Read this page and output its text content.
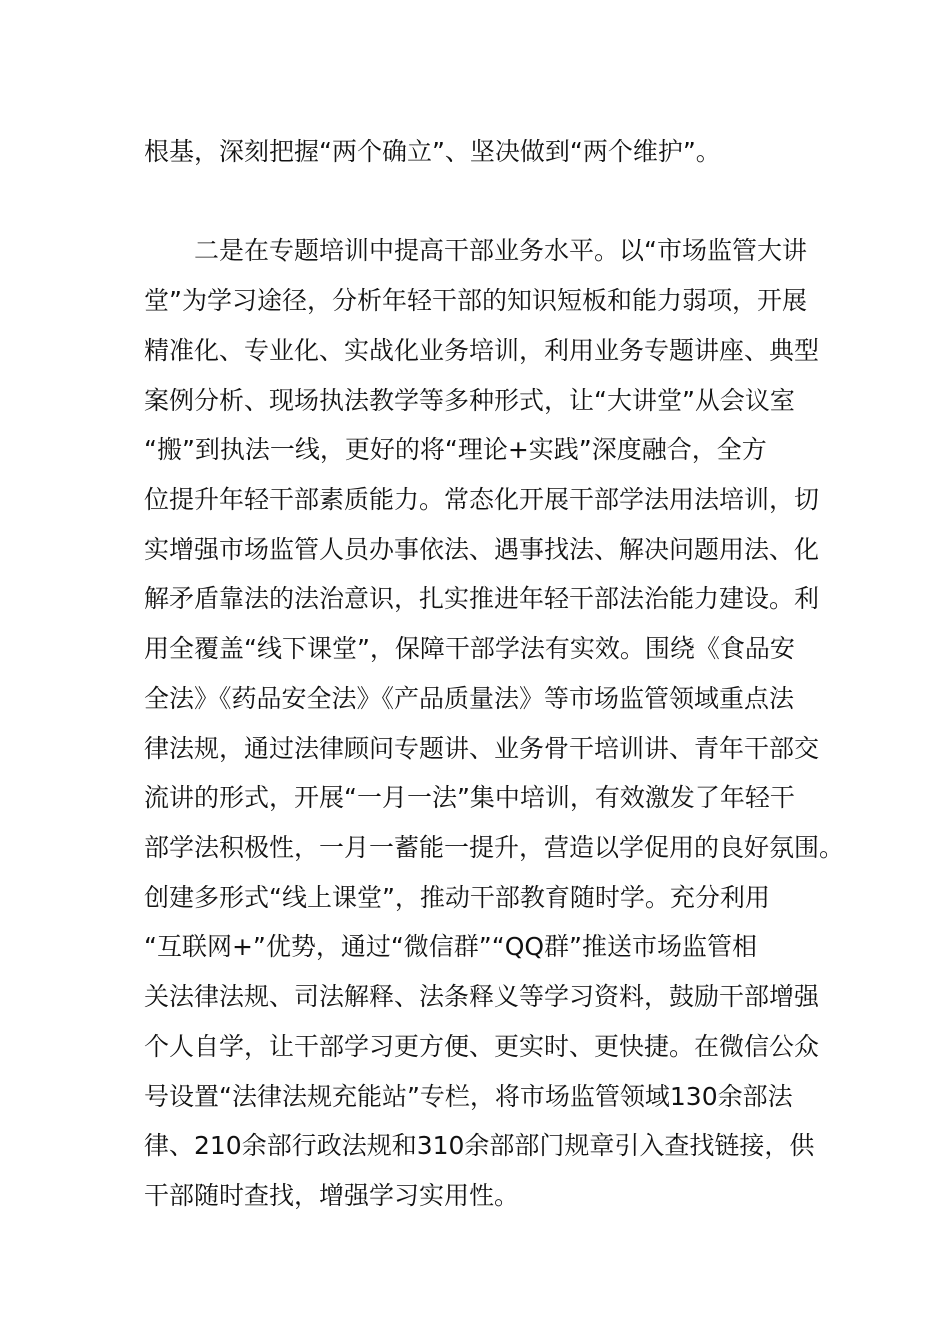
根基，深刻把握“两个确立”、坚决做到“两个维护”。
二是在专题培训中提高干部业务水平。以“市场监管大讲
堂”为学习途径，分析年轻干部的知识短板和能力弱项，开展
精准化、专业化、实战化业务培训，利用业务专题讲座、典型
案例分析、现场执法教学等多种形式，让“大讲堂”从会议室
“搬”到执法一线，更好的将“理论+实践”深度融合，全方
位提升年轻干部素质能力。常态化开展干部学法用法培训，切
实增强市场监管人员办事依法、遇事找法、解决问题用法、化
解矛盾靠法的法治意识，扎实推进年轻干部法治能力建设。利
用全覆盖“线下课堂”，保障干部学法有实效。围绕《食品安
全法》《药品安全法》《产品质量法》等市场监管领域重点法
律法规，通过法律顾问专题讲、业务骨干培训讲、青年干部交
流讲的形式，开展“一月一法”集中培训，有效激发了年轻干
部学法积极性，一月一蓄能一提升，营造以学促用的良好氛围。
创建多形式“线上课堂”，推动干部教育随时学。充分利用
“互联网+”优势，通过“微信群”“QQ群”推送市场监管相
关法律法规、司法解释、法条释义等学习资料，鼓励干部增强
个人自学，让干部学习更方便、更实时、更快捷。在微信公众
号设置“法律法规充能站”专栏，将市场监管领域130余部法
律、210余部行政法规和310余部部门规章引入查找链接，供
干部随时查找，增强学习实用性。
